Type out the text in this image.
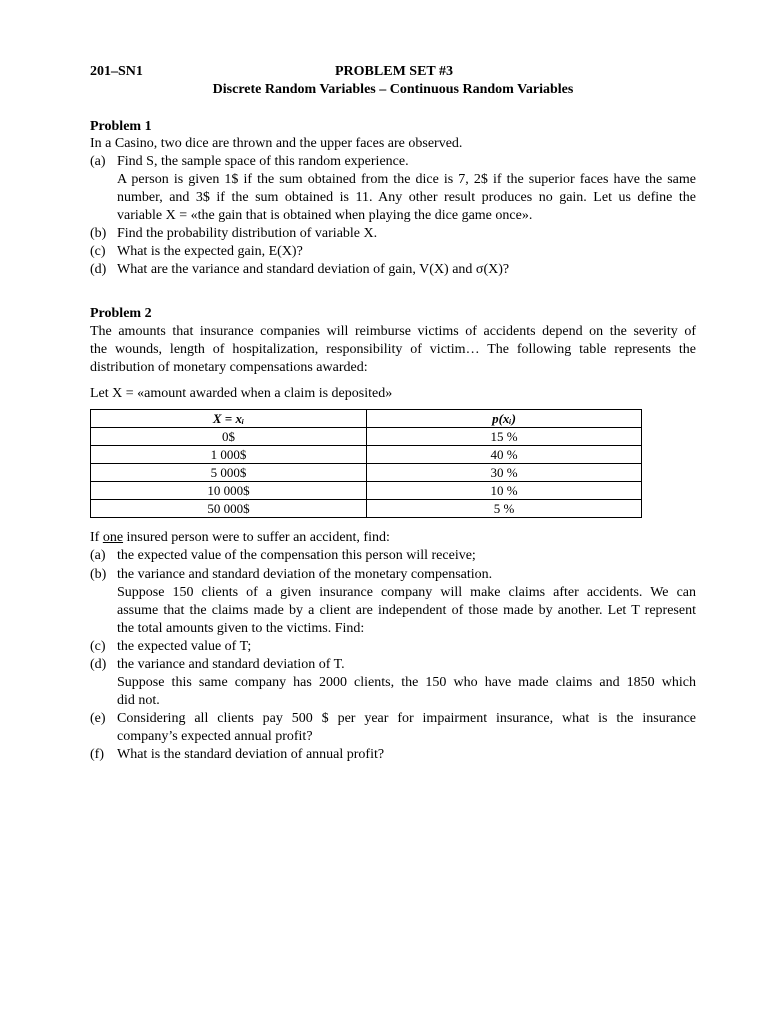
201–SN1	PROBLEM SET #3
Discrete Random Variables – Continuous Random Variables
Problem 1
In a Casino, two dice are thrown and the upper faces are observed.
(a) Find S, the sample space of this random experience.
A person is given 1$ if the sum obtained from the dice is 7, 2$ if the superior faces have the same
number, and 3$ if the sum obtained is 11. Any other result produces no gain. Let us define the
variable X = «the gain that is obtained when playing the dice game once».
(b) Find the probability distribution of variable X.
(c) What is the expected gain, E(X)?
(d) What are the variance and standard deviation of gain, V(X) and σ(X)?
Problem 2
The amounts that insurance companies will reimburse victims of accidents depend on the severity of
the wounds, length of hospitalization, responsibility of victim… The following table represents the
distribution of monetary compensations awarded:
Let X = «amount awarded when a claim is deposited»
X = xᵢ	p(xᵢ)
0$	15 %
1 000$	40 %
5 000$	30 %
10 000$	10 %
50 000$	5 %
If one insured person were to suffer an accident, find:
(a) the expected value of the compensation this person will receive;
(b) the variance and standard deviation of the monetary compensation.
Suppose 150 clients of a given insurance company will make claims after accidents. We can
assume that the claims made by a client are independent of those made by another. Let T represent
the total amounts given to the victims. Find:
(c) the expected value of T;
(d) the variance and standard deviation of T.
Suppose this same company has 2000 clients, the 150 who have made claims and 1850 which
did not.
(e) Considering all clients pay 500 $ per year for impairment insurance, what is the insurance
company’s expected annual profit?
(f) What is the standard deviation of annual profit?
